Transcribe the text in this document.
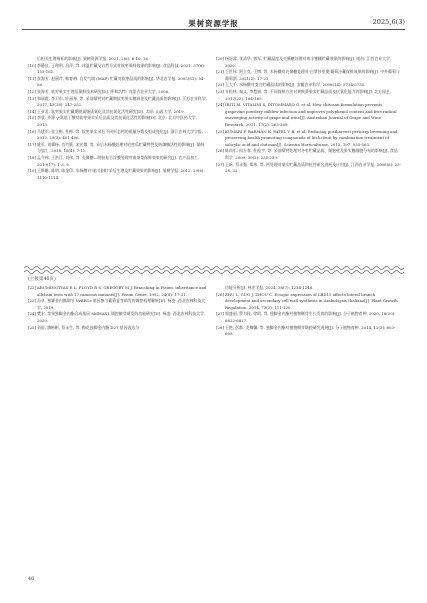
果树资源学报	2025,6(3)
后相关生理指标的影响[J]. 果树资源学报, 2021, 2(6): 6-10, 16.
[10] 李静仪, 王理明, 昌萍, 等. 冰温贮藏及自然方式对软枣保鲜效果的影响[J]. 食品科技, 2021, 37(6): 155-161.
[11] 张海芳, 赵丽芹, 韩育梅. 自发气调 (MAP) 贮藏对软枣品质的影响[J]. 华北农学报, 2005(S1): 54-56.
[12] 张海芳. 软枣果实生理及保鲜技术研究[D]. 呼和浩特: 内蒙古农业大学, 2006.
[13] 和丽霞, 李卫东, 叶丽琴, 等. 采前喷钙对贮藏期软枣果实膜衰老及贮藏品质的影响[J]. 江苏农业科学, 2017, 45(18): 247-252.
[14] 王亚君. 软枣果实贮藏期脱氧脂质氧化及其抗氧化活性研究[D]. 太原: 山西大学, 2019.
[15] 李欣. 外源 γ-氨基丁酸对软枣果实采后品质及其抗氧化活性的影响[D]. 北京: 北京中医药大学, 2013.
[16] 马建军, 张立彬, 杜彬, 等. 软枣果实采后不同形态钙的质量分数及组成变化[J]. 浙江农林大学学报, 2012, 29(3): 401-406.
[17] 姚军, 刘冀杨, 肖竹簌, 宋宏微, 等. 采后水杨酸处理对哈密瓜贮藏特性及防御酶活性的影响[J]. 保鲜与加工, 2018, 18(4): 7-11.
[18] 孟令伟, 王洪江, 刘伟, 等. 壳聚糖—明胶复合涂膜处理对南果梨保鲜效果的研究[J]. 农产品加工, 2019(17): 1-3, 9.
[19] 王斯姗, 陈明, 陈金印. 水杨酸对'遂川金柑'采后生理及贮藏效果的影响[J]. 果树学报, 2012, 29(6): 1110-1114.
[20] 杨舒睿, 张清华, 郭军. 贮藏温度及壳聚糖处理对南丰蜜橘贮藏效果的影响[J]. 南昌: 江西农业大学, 2020.
[21] 王世伟, 阿立克, 王博, 等. 水杨酸对壳聚糖处理对'白罗莎里奥'葡萄冷藏保鲜效果的影响[J]. 中外葡萄与葡萄酒, 2021(2): 17-21.
[22] 王大千. 水杨酸对茭白贮藏品质的影响[J]. 安徽农业科学, 2008(14): 5734-5735.
[23] 辛松林, 秦文, 李慧娟, 等. 不同保鲜方法对黄秋葵果实贮藏品质及抗氧化能力的影响[J]. 北方园艺, 2017(23): 164-169.
[24] IRITI M, VITALINI S, DITOMMASO G, et al. New chitosan formulation prevents grapevine powdery mildew infection and improves polyphenol content and free radical scavenging activity of grape and wine[J]. Australian Journal of Grape and Wine Research, 2011, 17(2): 263-269.
[25] KUMARI P, BARMAN K, PATEL V B, et al. Reducing postharvest pericarp browning and preserving health promoting compounds of litchi fruit by combination treatment of salicylic acid and chitosan[J]. Scientia Horticulturae, 2015, 197: 555-563.
[26] 陈尚军, 何方春, 杜振宇, 等. 采前喷钙处理对冬枣贮藏品质、细胞壁及果实膜细胞分布的影响[J]. 食品科学, 2009, 30(2): 235-239.
[27] 王新, 蔡永强, 郑伟, 等. 钙处理对果实贮藏品质和抗性研究进展及应用[J]. 江西农业学报, 2008(8): 25-28, 32.
(上接第40页)
[22] ARUMINGTYAS E L, FLOYD R S, GREGORY M J. Branching in Pisum: inheritance and allelism tests with 17 ramosus mutants[J]. Pisum Genet, 1992, 24(8): 17-31.
[23] 冯卓. 独脚金内酯调节 VvBRCs 基因参与葡萄夏芽萌发的调控机理解析[D]. 杨凌: 西北农林科技大学, 2019.
[24] 樊宏. 苹果独脚金内酯合成基因 MdMAX1 调控腋芽萌发的功能研究[D]. 杨凌: 西北农林科技大学, 2020.
[25] 刘苗, 腾彬彬, 蔡永生, 等. 梅花独脚金内酯 D27 基因表达与
功能分析[J]. 林业学报, 2024, 38(7): 1234-1248.
[26] ZHU L, GUO J, ZHOU C. Ectopic expression of LBD15 affects lateral branch development and secondary cell wall synthesis in Arabidopsis thaliana[J]. Plant Growth Regulation, 2014, 73(2): 111-120.
[27] 郭盛丽, 罗为枝, 徐明, 等. 独脚金内酯对植物侧芽生长发育的影响[J]. 分子植物育种, 2020, 18(20): 6822-6827.
[28] 王艳, 彭都, 龙梅馨, 等. 独脚金内酯对植物侧芽调控研究进展[J]. 分子植物育种, 2014, 12(3): 603-609.
46
